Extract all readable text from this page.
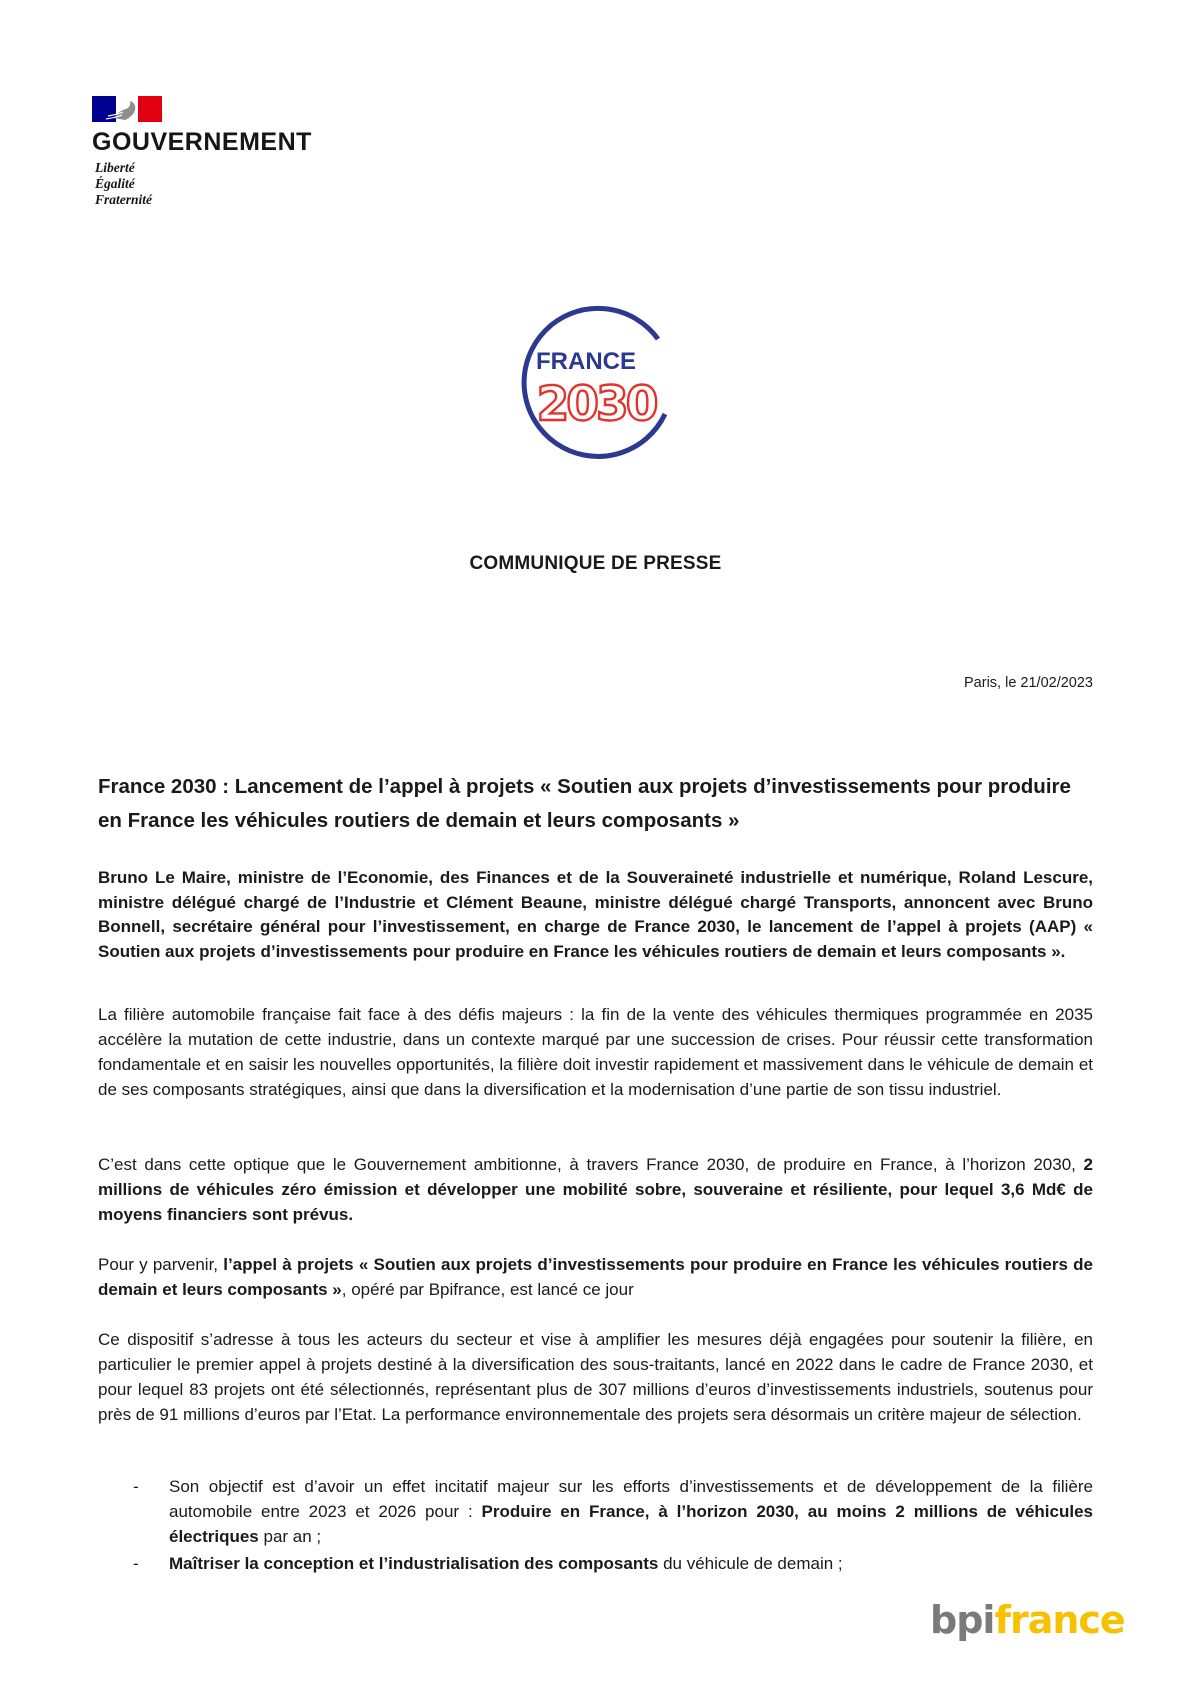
GOUVERNEMENT
Liberté
Égalité
Fraternité
FRANCE
2030
COMMUNIQUE DE PRESSE
Paris, le 21/02/2023
France 2030 : Lancement de l’appel à projets « Soutien aux projets d’investissements pour produire en France les véhicules routiers de demain et leurs composants »
Bruno Le Maire, ministre de l’Economie, des Finances et de la Souveraineté industrielle et numérique, Roland Lescure, ministre délégué chargé de l’Industrie et Clément Beaune, ministre délégué chargé Transports, annoncent avec Bruno Bonnell, secrétaire général pour l’investissement, en charge de France 2030, le lancement de l’appel à projets (AAP) « Soutien aux projets d’investissements pour produire en France les véhicules routiers de demain et leurs composants ».
La filière automobile française fait face à des défis majeurs : la fin de la vente des véhicules thermiques programmée en 2035 accélère la mutation de cette industrie, dans un contexte marqué par une succession de crises. Pour réussir cette transformation fondamentale et en saisir les nouvelles opportunités, la filière doit investir rapidement et massivement dans le véhicule de demain et de ses composants stratégiques, ainsi que dans la diversification et la modernisation d’une partie de son tissu industriel.
C’est dans cette optique que le Gouvernement ambitionne, à travers France 2030, de produire en France, à l’horizon 2030, 2 millions de véhicules zéro émission et développer une mobilité sobre, souveraine et résiliente, pour lequel 3,6 Md€ de moyens financiers sont prévus.
Pour y parvenir, l’appel à projets « Soutien aux projets d’investissements pour produire en France les véhicules routiers de demain et leurs composants », opéré par Bpifrance, est lancé ce jour
Ce dispositif s’adresse à tous les acteurs du secteur et vise à amplifier les mesures déjà engagées pour soutenir la filière, en particulier le premier appel à projets destiné à la diversification des sous-traitants, lancé en 2022 dans le cadre de France 2030, et pour lequel 83 projets ont été sélectionnés, représentant plus de 307 millions d’euros d’investissements industriels, soutenus pour près de 91 millions d’euros par l’Etat. La performance environnementale des projets sera désormais un critère majeur de sélection.
- Son objectif est d’avoir un effet incitatif majeur sur les efforts d’investissements et de développement de la filière automobile entre 2023 et 2026 pour : Produire en France, à l’horizon 2030, au moins 2 millions de véhicules électriques par an ;
- Maîtriser la conception et l’industrialisation des composants du véhicule de demain ;
bpifrance
